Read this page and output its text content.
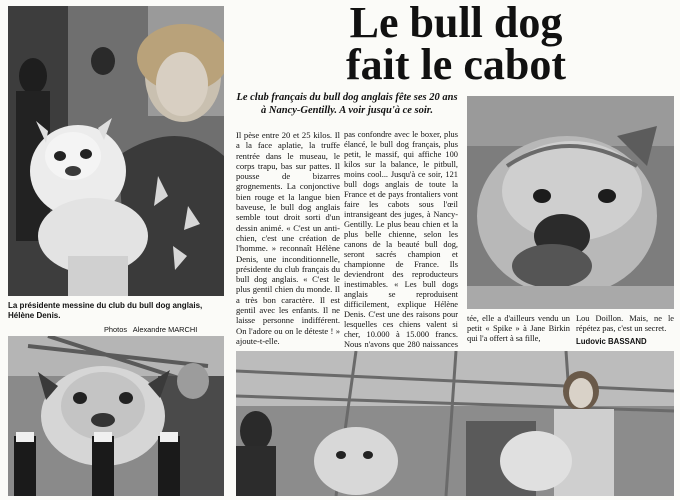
La présidente messine du club du bull dog anglais, Hélène Denis.
Photos   Alexandre MARCHI
Le bull dog
fait le cabot
Le club français du bull dog anglais fête ses 20 ans à Nancy-Gentilly. A voir jusqu'à ce soir.

Il pèse entre 20 et 25 kilos. Il a la face aplatie, la truffe rentrée dans le museau, le corps trapu, bas sur pattes. Il pousse de bizarres grognements. La conjonctive bien rouge et la langue bien baveuse, le bull dog anglais semble tout droit sorti d'un dessin animé. « C'est un anti-chien, c'est une création de l'homme. » reconnaît Hélène Denis, une inconditionnelle, présidente du club français du bull dog anglais. « C'est le plus gentil chien du monde. Il a très bon caractère. Il est gentil avec les enfants. Il ne laisse personne indifférent. On l'adore ou on le déteste ! » ajoute-t-elle.

pas confondre avec le boxer, plus élancé, le bull dog français, plus petit, le massif, qui affiche 100 kilos sur la balance, le pitbull, moins cool... Jusqu'à ce soir, 121 bull dogs anglais de toute la France et de pays frontaliers vont faire les cabots sous l'œil intransigeant des juges, à Nancy-Gentilly. Le plus beau chien et la plus belle chienne, selon les canons de la beauté bull dog, seront sacrés champion et championne de France. Ils deviendront des reproducteurs inestimables. « Les bull dogs anglais se reproduisent difficilement, explique Hélène Denis. C'est une des raisons pour lesquelles ces chiens valent si cher, 10.000 à 15.000 francs. Nous n'avons que 280 naissances

tée, elle a d'ailleurs vendu un petit « Spike » à Jane Birkin qui l'a offert à sa fille,
Lou Doillon. Mais, ne le répétez pas, c'est un secret.
Ludovic BASSAND
